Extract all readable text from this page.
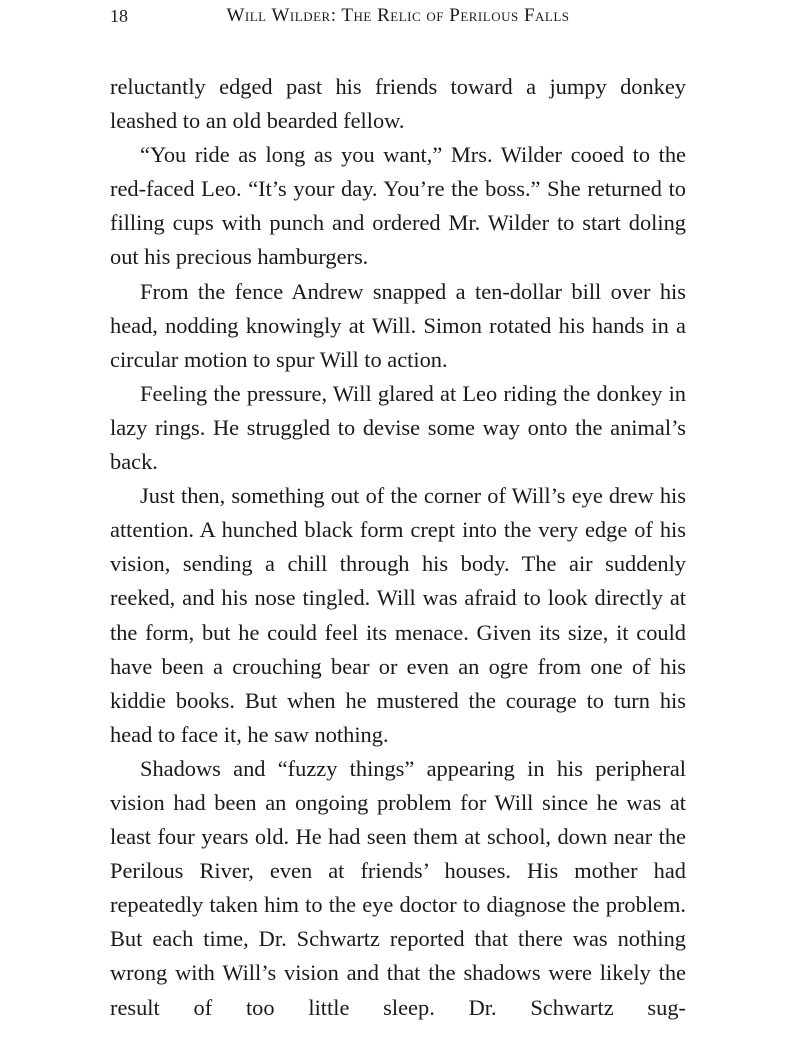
18	Will Wilder: The Relic of Perilous Falls

reluctantly edged past his friends toward a jumpy donkey leashed to an old bearded fellow.

“You ride as long as you want,” Mrs. Wilder cooed to the red-faced Leo. “It’s your day. You’re the boss.” She returned to filling cups with punch and ordered Mr. Wilder to start doling out his precious hamburgers.

From the fence Andrew snapped a ten-dollar bill over his head, nodding knowingly at Will. Simon rotated his hands in a circular motion to spur Will to action.

Feeling the pressure, Will glared at Leo riding the donkey in lazy rings. He struggled to devise some way onto the animal’s back.

Just then, something out of the corner of Will’s eye drew his attention. A hunched black form crept into the very edge of his vision, sending a chill through his body. The air suddenly reeked, and his nose tingled. Will was afraid to look directly at the form, but he could feel its menace. Given its size, it could have been a crouching bear or even an ogre from one of his kiddie books. But when he mustered the courage to turn his head to face it, he saw nothing.

Shadows and “fuzzy things” appearing in his peripheral vision had been an ongoing problem for Will since he was at least four years old. He had seen them at school, down near the Perilous River, even at friends’ houses. His mother had repeatedly taken him to the eye doctor to diagnose the problem. But each time, Dr. Schwartz reported that there was nothing wrong with Will’s vision and that the shadows were likely the result of too little sleep. Dr. Schwartz sug-
